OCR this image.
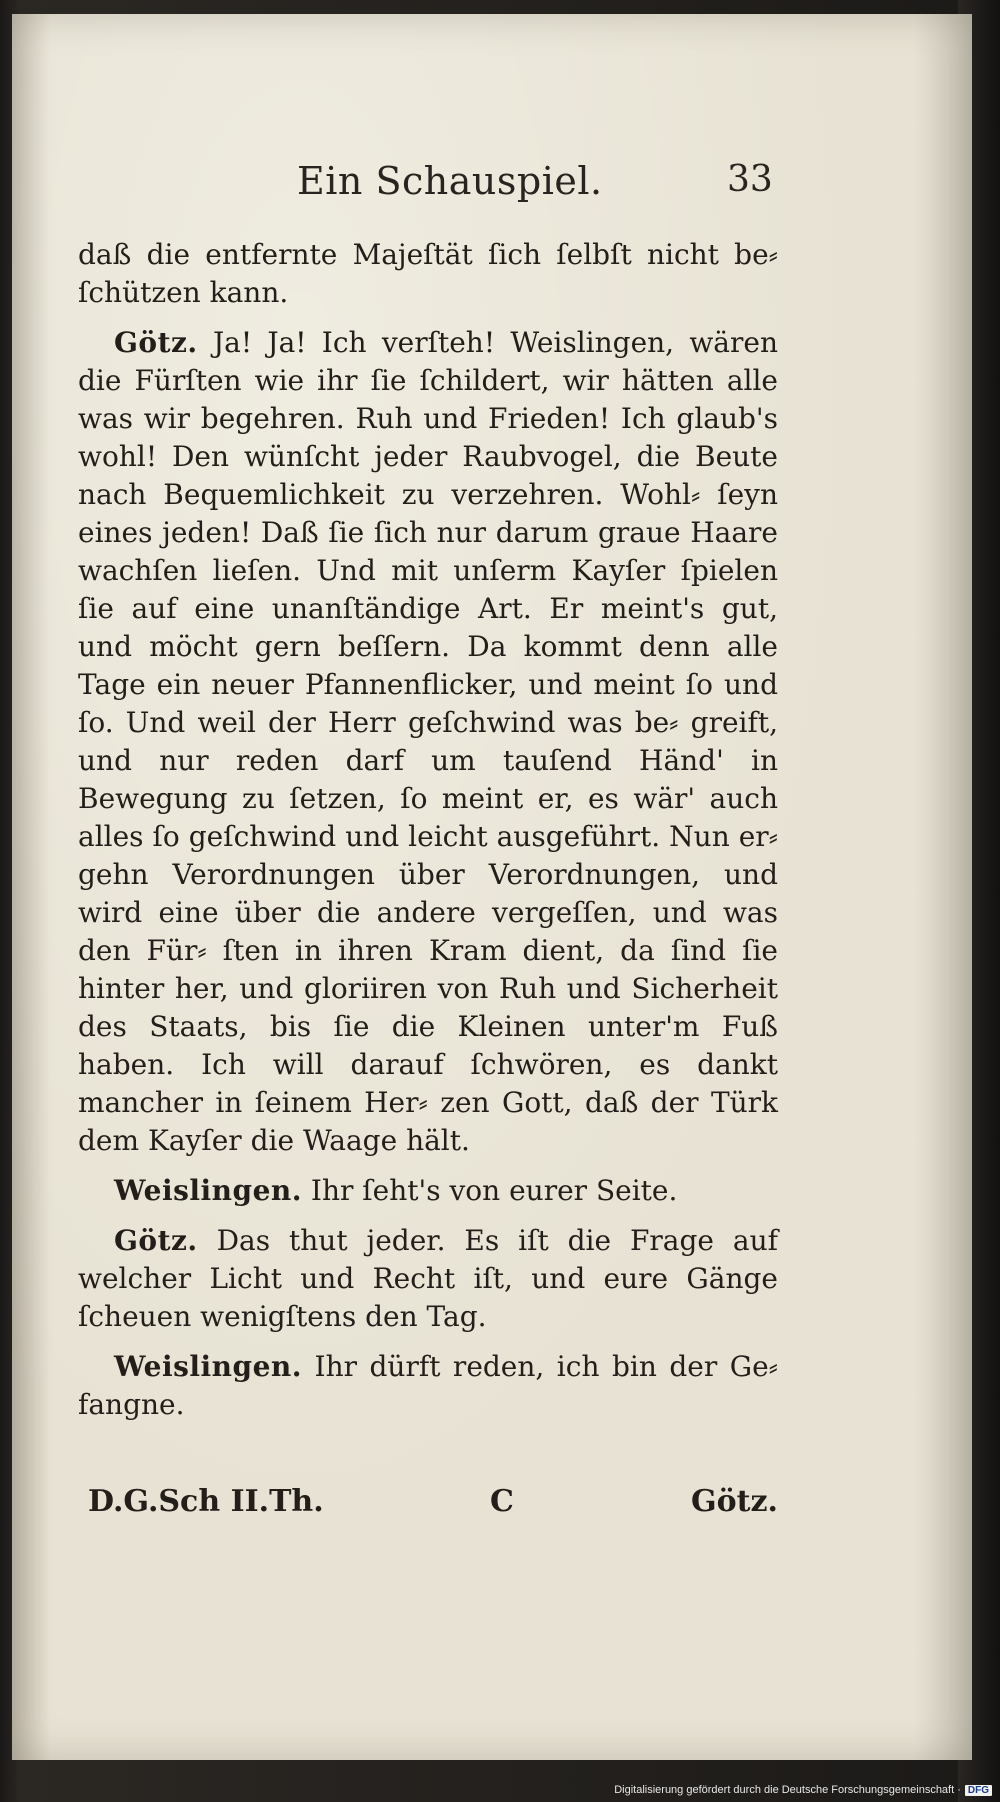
Ein Schauspiel.	33

daß die entfernte Majeſtät ſich ſelbſt nicht be⸗ ſchützen kann.

Götz. Ja! Ja! Ich verſteh! Weislingen, wären die Fürſten wie ihr ſie ſchildert, wir hätten alle was wir begehren. Ruh und Frieden! Ich glaub's wohl! Den wünſcht jeder Raubvogel, die Beute nach Bequemlichkeit zu verzehren. Wohl⸗ ſeyn eines jeden! Daß ſie ſich nur darum graue Haare wachſen lieſen. Und mit unſerm Kayſer ſpielen ſie auf eine unanſtändige Art. Er meint's gut, und möcht gern beſſern. Da kommt denn alle Tage ein neuer Pfannenflicker, und meint ſo und ſo. Und weil der Herr geſchwind was be⸗ greift, und nur reden darf um tauſend Händ' in Bewegung zu ſetzen, ſo meint er, es wär' auch alles ſo geſchwind und leicht ausgeführt. Nun er⸗ gehn Verordnungen über Verordnungen, und wird eine über die andere vergeſſen, und was den Für⸗ ſten in ihren Kram dient, da ſind ſie hinter her, und gloriiren von Ruh und Sicherheit des Staats, bis ſie die Kleinen unter'm Fuß haben. Ich will darauf ſchwören, es dankt mancher in ſeinem Her⸗ zen Gott, daß der Türk dem Kayſer die Waage hält.

Weislingen. Ihr ſeht's von eurer Seite.

Götz. Das thut jeder. Es iſt die Frage auf welcher Licht und Recht iſt, und eure Gänge ſcheuen wenigſtens den Tag.

Weislingen. Ihr dürft reden, ich bin der Ge⸗ fangne.

D.G.Sch II.Th.	C	Götz.
Digitalisierung gefördert durch die Deutsche Forschungsgemeinschaft · DFG
